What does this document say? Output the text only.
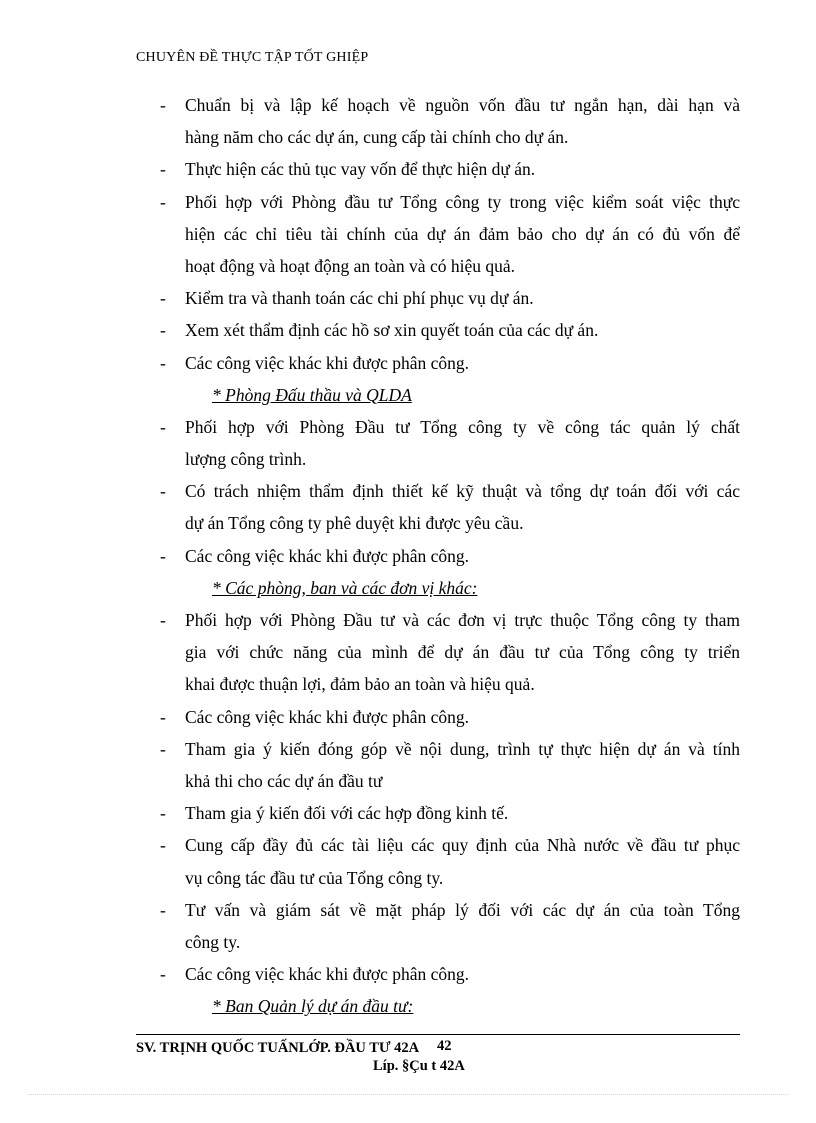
CHUYÊN ĐỀ THỰC TẬP TỐT GHIỆP
-	Chuẩn bị và lập kế hoạch về nguồn vốn đầu tư ngắn hạn, dài hạn và
hàng năm cho các dự án, cung cấp tài chính cho dự án.
-	Thực hiện các thủ tục vay vốn để thực hiện dự án.
-	Phối hợp với Phòng đầu tư Tổng công ty trong việc kiểm soát việc thực
hiện các chỉ tiêu tài chính của dự án đảm bảo cho dự án có đủ vốn để
hoạt động và hoạt động an toàn và có hiệu quả.
-	Kiểm tra và thanh toán các chi phí phục vụ dự án.
-	Xem xét thẩm định các hồ sơ xin quyết toán của các dự án.
-	Các công việc khác khi được phân công.
* Phòng Đấu thầu và QLDA
-	Phối hợp với Phòng Đầu tư Tổng công ty về công tác quản lý chất
lượng công trình.
-	Có trách nhiệm thẩm định thiết kế kỹ thuật và tổng dự toán đối với các
dự án Tổng công ty phê duyệt khi được yêu cầu.
-	Các công việc khác khi được phân công.
* Các phòng, ban và các đơn vị khác:
-	Phối hợp với Phòng Đầu tư và các đơn vị trực thuộc Tổng công ty tham
gia với chức năng của mình để dự án đầu tư của Tổng công ty triển
khai được thuận lợi, đảm bảo an toàn và hiệu quả.
-	Các công việc khác khi được phân công.
-	Tham gia ý kiến đóng góp về nội dung, trình tự thực hiện dự án và tính
khả thi cho các dự án đầu tư
-	Tham gia ý kiến đối với các hợp đồng kinh tế.
-	Cung cấp đầy đủ các tài liệu các quy định của Nhà nước về đầu tư phục
vụ công tác đầu tư của Tổng công ty.
-	Tư vấn và giám sát về mặt pháp lý đối với các dự án của toàn Tổng
công ty.
-	Các công việc khác khi được phân công.
* Ban Quản lý dự án đầu tư:
SV. TRỊNH QUỐC TUẤNLỚP. ĐẦU TƯ 42A 42
Líp. §Çu t 42A
